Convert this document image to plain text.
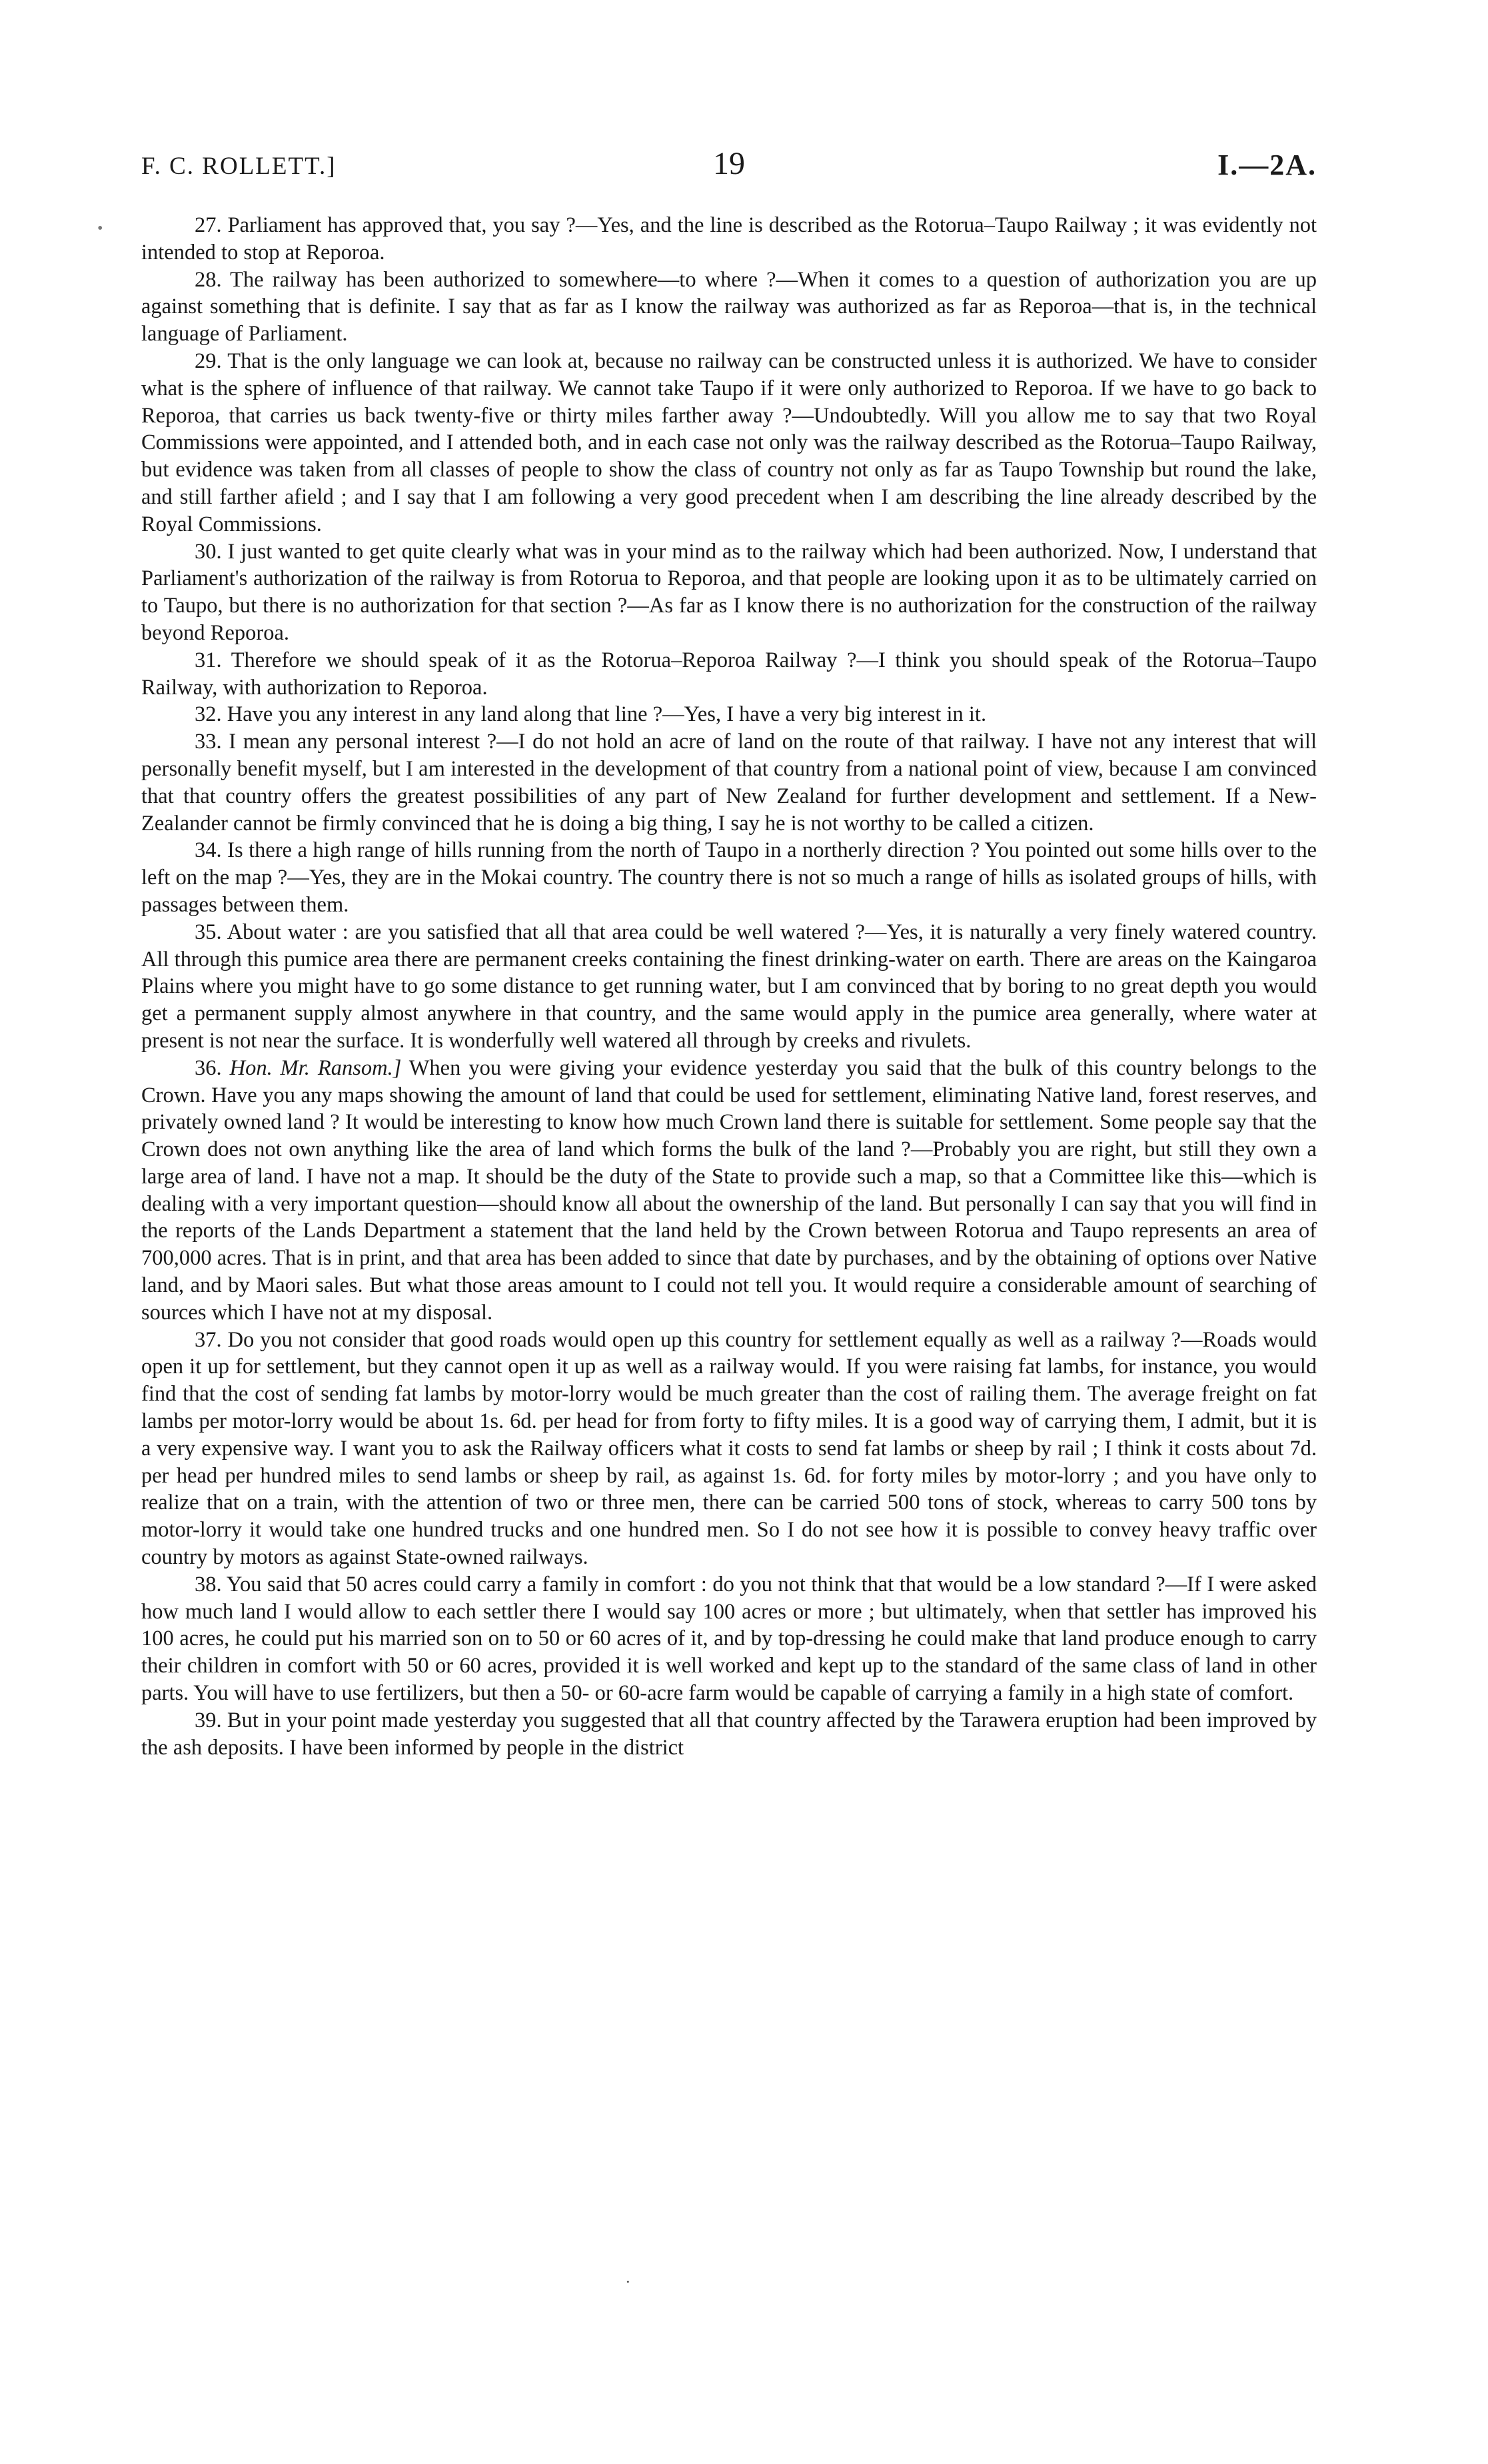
F. C. ROLLETT.]	19	I.—2A.
•	27. Parliament has approved that, you say ?—Yes, and the line is described as the Rotorua–Taupo Railway ; it was evidently not intended to stop at Reporoa.

28. The railway has been authorized to somewhere—to where ?—When it comes to a question of authorization you are up against something that is definite. I say that as far as I know the railway was authorized as far as Reporoa—that is, in the technical language of Parliament.

29. That is the only language we can look at, because no railway can be constructed unless it is authorized. We have to consider what is the sphere of influence of that railway. We cannot take Taupo if it were only authorized to Reporoa. If we have to go back to Reporoa, that carries us back twenty-five or thirty miles farther away ?—Undoubtedly. Will you allow me to say that two Royal Commissions were appointed, and I attended both, and in each case not only was the railway described as the Rotorua–Taupo Railway, but evidence was taken from all classes of people to show the class of country not only as far as Taupo Township but round the lake, and still farther afield ; and I say that I am following a very good precedent when I am describing the line already described by the Royal Commissions.

30. I just wanted to get quite clearly what was in your mind as to the railway which had been authorized. Now, I understand that Parliament's authorization of the railway is from Rotorua to Reporoa, and that people are looking upon it as to be ultimately carried on to Taupo, but there is no authorization for that section ?—As far as I know there is no authorization for the construction of the railway beyond Reporoa.

31. Therefore we should speak of it as the Rotorua–Reporoa Railway ?—I think you should speak of the Rotorua–Taupo Railway, with authorization to Reporoa.

32. Have you any interest in any land along that line ?—Yes, I have a very big interest in it.

33. I mean any personal interest ?—I do not hold an acre of land on the route of that railway. I have not any interest that will personally benefit myself, but I am interested in the development of that country from a national point of view, because I am convinced that that country offers the greatest possibilities of any part of New Zealand for further development and settlement. If a New-Zealander cannot be firmly convinced that he is doing a big thing, I say he is not worthy to be called a citizen.

34. Is there a high range of hills running from the north of Taupo in a northerly direction ? You pointed out some hills over to the left on the map ?—Yes, they are in the Mokai country. The country there is not so much a range of hills as isolated groups of hills, with passages between them.

35. About water : are you satisfied that all that area could be well watered ?—Yes, it is naturally a very finely watered country. All through this pumice area there are permanent creeks containing the finest drinking-water on earth. There are areas on the Kaingaroa Plains where you might have to go some distance to get running water, but I am convinced that by boring to no great depth you would get a permanent supply almost anywhere in that country, and the same would apply in the pumice area generally, where water at present is not near the surface. It is wonderfully well watered all through by creeks and rivulets.

36. Hon. Mr. Ransom.] When you were giving your evidence yesterday you said that the bulk of this country belongs to the Crown. Have you any maps showing the amount of land that could be used for settlement, eliminating Native land, forest reserves, and privately owned land ? It would be interesting to know how much Crown land there is suitable for settlement. Some people say that the Crown does not own anything like the area of land which forms the bulk of the land ?—Probably you are right, but still they own a large area of land. I have not a map. It should be the duty of the State to provide such a map, so that a Committee like this—which is dealing with a very important question—should know all about the ownership of the land. But personally I can say that you will find in the reports of the Lands Department a statement that the land held by the Crown between Rotorua and Taupo represents an area of 700,000 acres. That is in print, and that area has been added to since that date by purchases, and by the obtaining of options over Native land, and by Maori sales. But what those areas amount to I could not tell you. It would require a considerable amount of searching of sources which I have not at my disposal.

37. Do you not consider that good roads would open up this country for settlement equally as well as a railway ?—Roads would open it up for settlement, but they cannot open it up as well as a railway would. If you were raising fat lambs, for instance, you would find that the cost of sending fat lambs by motor-lorry would be much greater than the cost of railing them. The average freight on fat lambs per motor-lorry would be about 1s. 6d. per head for from forty to fifty miles. It is a good way of carrying them, I admit, but it is a very expensive way. I want you to ask the Railway officers what it costs to send fat lambs or sheep by rail ; I think it costs about 7d. per head per hundred miles to send lambs or sheep by rail, as against 1s. 6d. for forty miles by motor-lorry ; and you have only to realize that on a train, with the attention of two or three men, there can be carried 500 tons of stock, whereas to carry 500 tons by motor-lorry it would take one hundred trucks and one hundred men. So I do not see how it is possible to convey heavy traffic over country by motors as against State-owned railways.

38. You said that 50 acres could carry a family in comfort : do you not think that that would be a low standard ?—If I were asked how much land I would allow to each settler there I would say 100 acres or more ; but ultimately, when that settler has improved his 100 acres, he could put his married son on to 50 or 60 acres of it, and by top-dressing he could make that land produce enough to carry their children in comfort with 50 or 60 acres, provided it is well worked and kept up to the standard of the same class of land in other parts. You will have to use fertilizers, but then a 50- or 60-acre farm would be capable of carrying a family in a high state of comfort.

39. But in your point made yesterday you suggested that all that country affected by the Tarawera eruption had been improved by the ash deposits. I have been informed by people in the district

·
